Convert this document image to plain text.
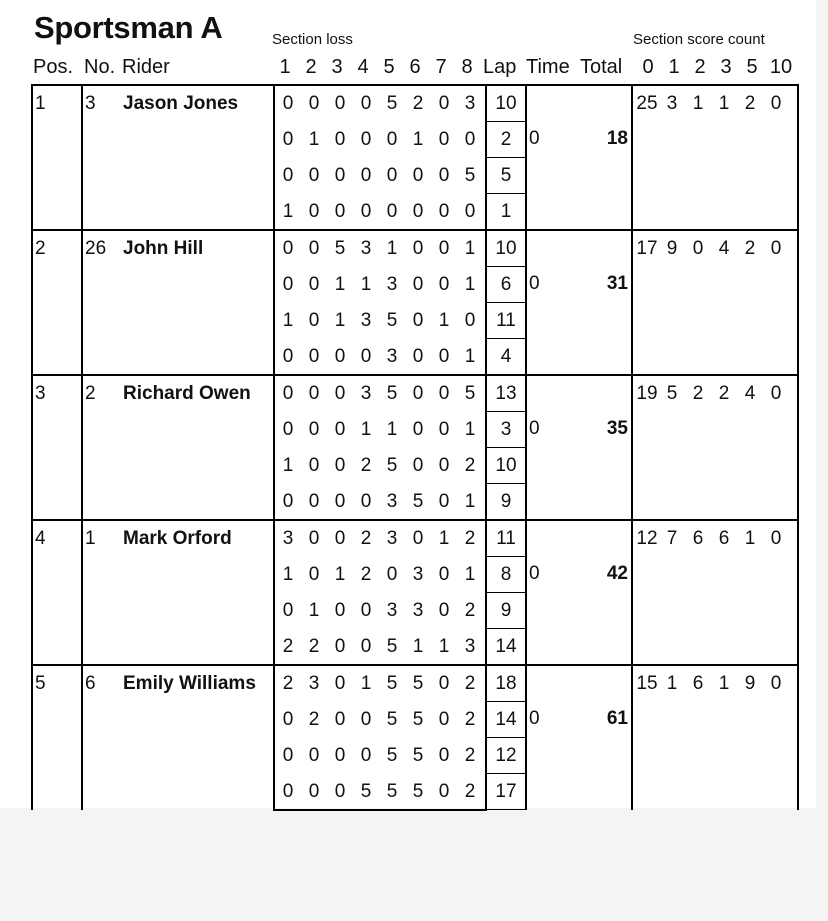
Sportsman A	Section loss	Section score count
Pos. No. Rider	1 2 3 4 5 6 7 8 Lap Time Total	0 1 2 3 5 10
1	3 Jason Jones	0 0 0 0 5 2 0 3	10	0 18	25 3 1 1 2 0
		0 1 0 0 0 1 0 0	2		
		0 0 0 0 0 0 0 5	5		
		1 0 0 0 0 0 0 0	1		
2	26 John Hill	0 0 5 3 1 0 0 1	10	0 31	17 9 0 4 2 0
		0 0 1 1 3 0 0 1	6		
		1 0 1 3 5 0 1 0	11		
		0 0 0 0 3 0 0 1	4		
3	2 Richard Owen	0 0 0 3 5 0 0 5	13	0 35	19 5 2 2 4 0
		0 0 0 1 1 0 0 1	3		
		1 0 0 2 5 0 0 2	10		
		0 0 0 0 3 5 0 1	9		
4	1 Mark Orford	3 0 0 2 3 0 1 2	11	0 42	12 7 6 6 1 0
		1 0 1 2 0 3 0 1	8		
		0 1 0 0 3 3 0 2	9		
		2 2 0 0 5 1 1 3	14		
5	6 Emily Williams	2 3 0 1 5 5 0 2	18	0 61	15 1 6 1 9 0
		0 2 0 0 5 5 0 2	14		
		0 0 0 0 5 5 0 2	12		
		0 0 0 5 5 5 0 2	17		
